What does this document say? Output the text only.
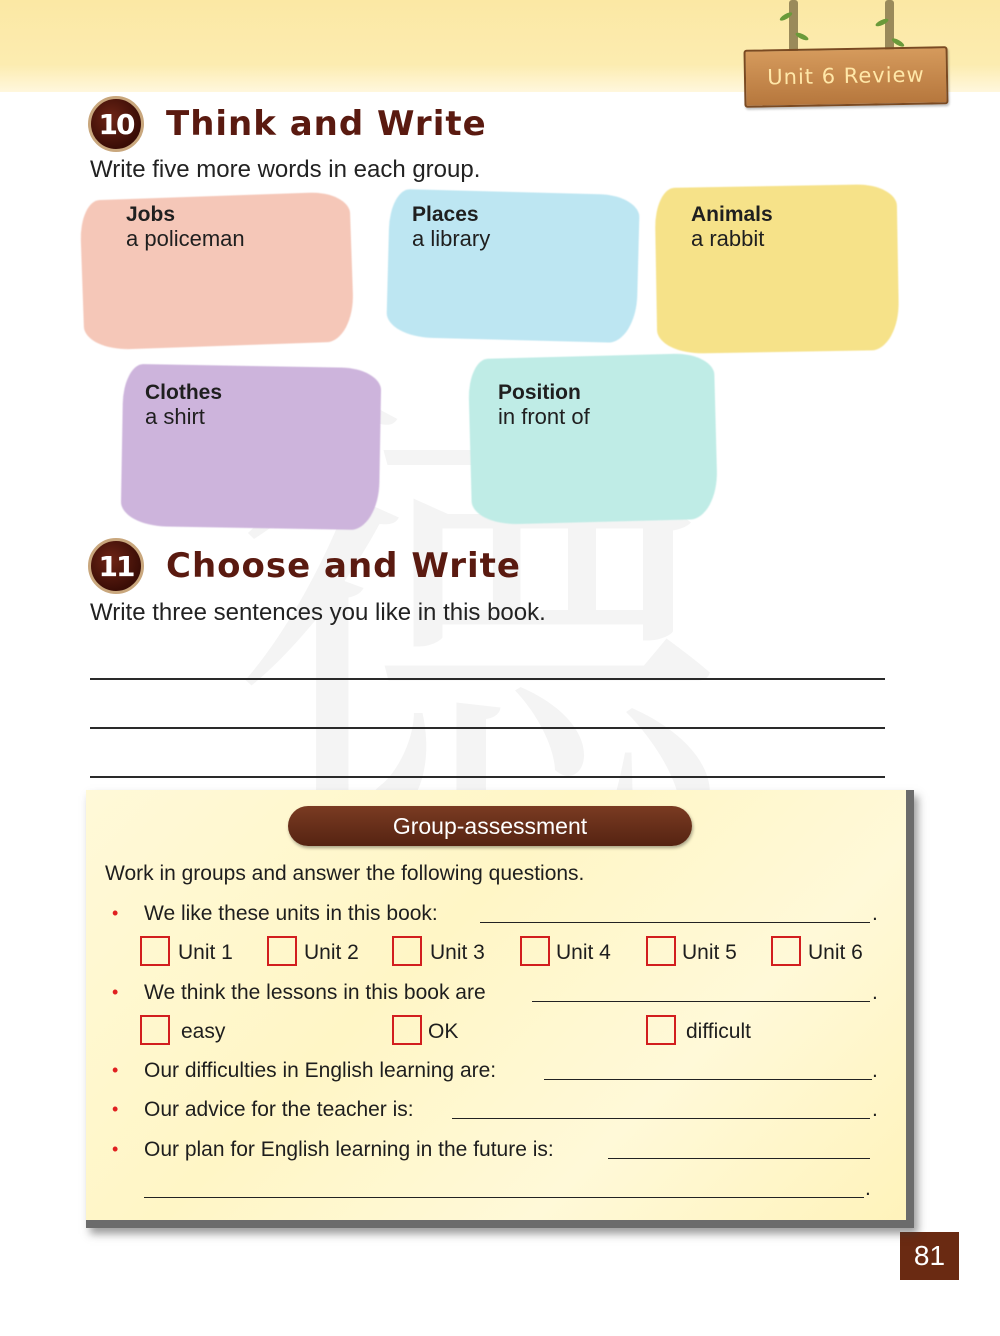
Unit 6 Review
10 Think and Write
Write five more words in each group.
Jobs
a policeman
Places
a library
Animals
a rabbit
Clothes
a shirt
Position
in front of
11 Choose and Write
Write three sentences you like in this book.
Group-assessment
Work in groups and answer the following questions.
• We like these units in this book:	.
Unit 1	Unit 2	Unit 3	Unit 4	Unit 5	Unit 6
• We think the lessons in this book are	.
easy	OK	difficult
• Our difficulties in English learning are:	.
• Our advice for the teacher is:	.
• Our plan for English learning in the future is:
.
81
